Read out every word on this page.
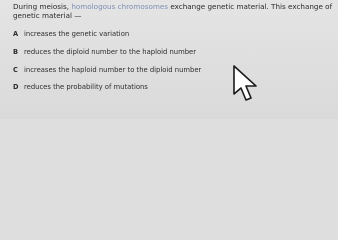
During meiosis, homologous chromosomes exchange genetic material. This exchange of
genetic material —
A increases the genetic variation
B reduces the diploid number to the haploid number
C increases the haploid number to the diploid number
D reduces the probability of mutations
